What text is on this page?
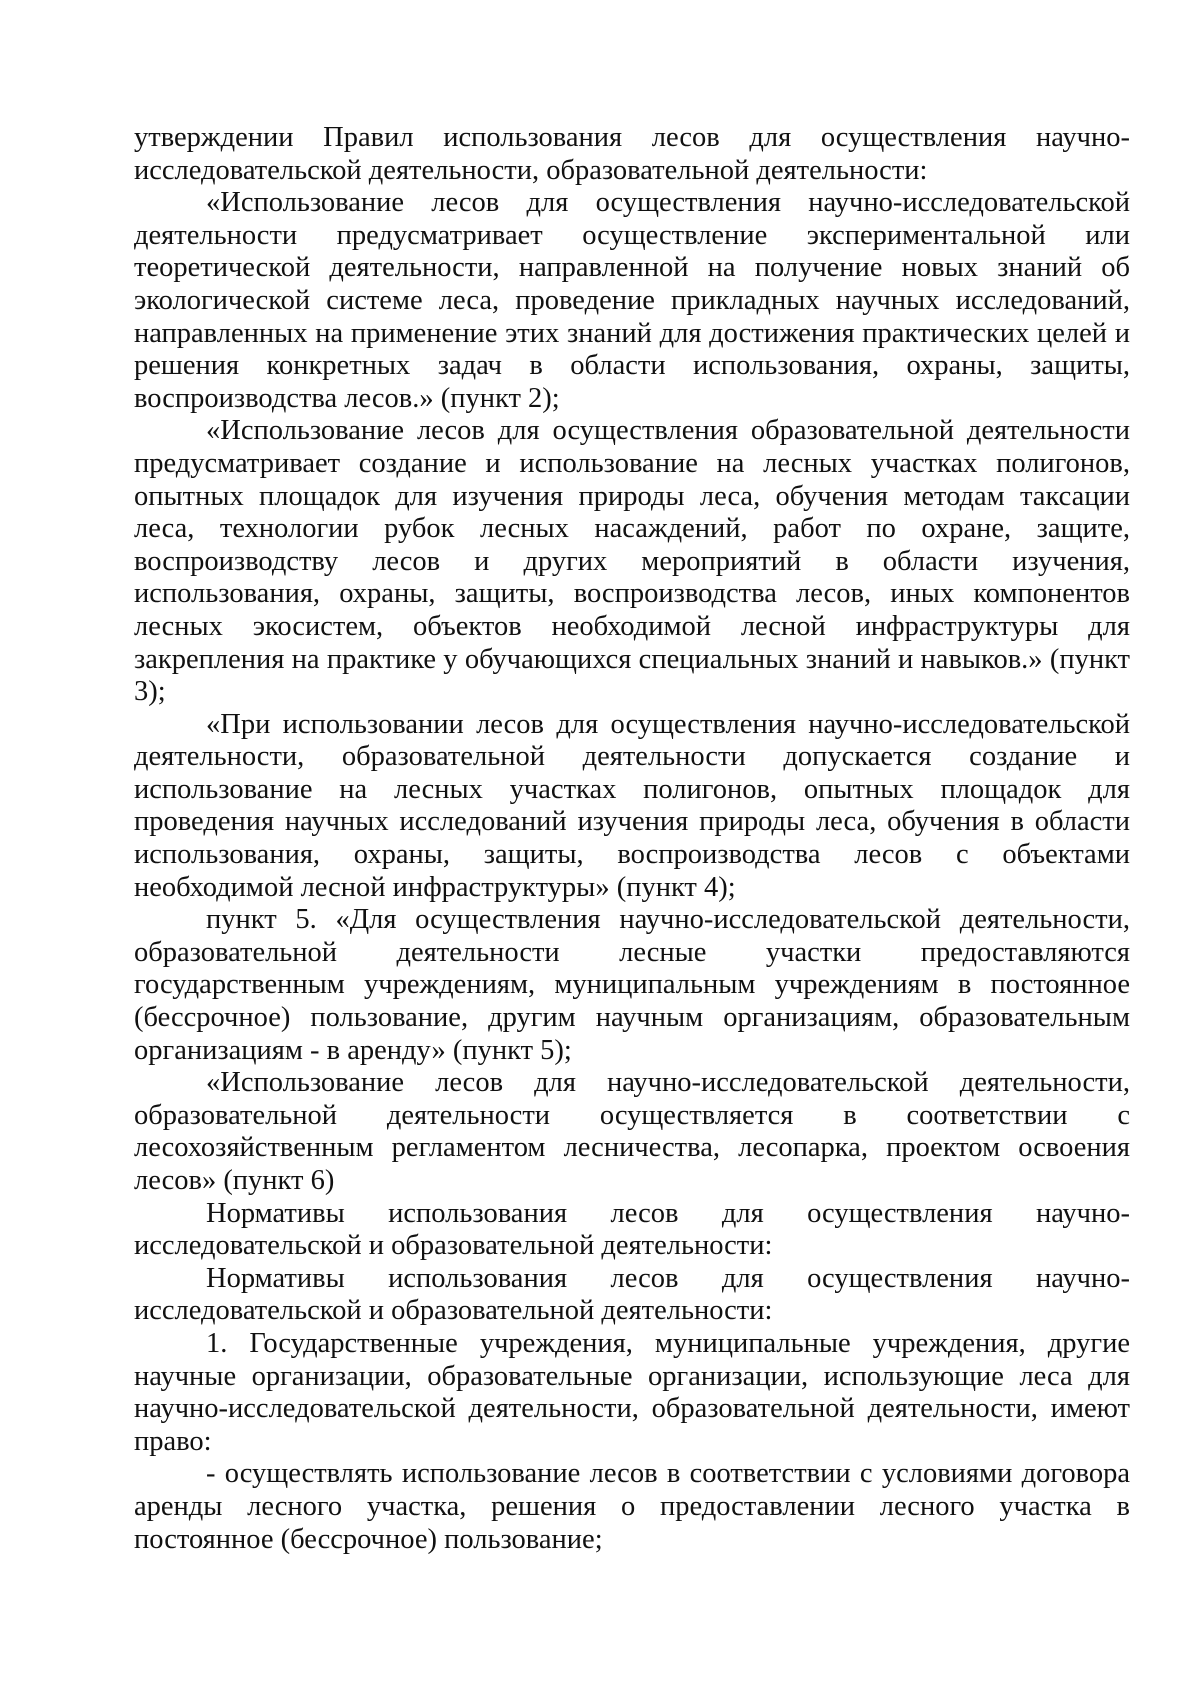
утверждении Правил использования лесов для осуществления научно-исследовательской деятельности, образовательной деятельности:

«Использование лесов для осуществления научно-исследовательской деятельности предусматривает осуществление экспериментальной или теоретической деятельности, направленной на получение новых знаний об экологической системе леса, проведение прикладных научных исследований, направленных на применение этих знаний для достижения практических целей и решения конкретных задач в области использования, охраны, защиты, воспроизводства лесов.» (пункт 2);

«Использование лесов для осуществления образовательной деятельности предусматривает создание и использование на лесных участках полигонов, опытных площадок для изучения природы леса, обучения методам таксации леса, технологии рубок лесных насаждений, работ по охране, защите, воспроизводству лесов и других мероприятий в области изучения, использования, охраны, защиты, воспроизводства лесов, иных компонентов лесных экосистем, объектов необходимой лесной инфраструктуры для закрепления на практике у обучающихся специальных знаний и навыков.» (пункт 3);

«При использовании лесов для осуществления научно-исследовательской деятельности, образовательной деятельности допускается создание и использование на лесных участках полигонов, опытных площадок для проведения научных исследований изучения природы леса, обучения в области использования, охраны, защиты, воспроизводства лесов с объектами необходимой лесной инфраструктуры» (пункт 4);

пункт 5. «Для осуществления научно-исследовательской деятельности, образовательной деятельности лесные участки предоставляются государственным учреждениям, муниципальным учреждениям в постоянное (бессрочное) пользование, другим научным организациям, образовательным организациям - в аренду» (пункт 5);

«Использование лесов для научно-исследовательской деятельности, образовательной деятельности осуществляется в соответствии с лесохозяйственным регламентом лесничества, лесопарка, проектом освоения лесов» (пункт 6)

Нормативы использования лесов для осуществления научно-исследовательской и образовательной деятельности:

Нормативы использования лесов для осуществления научно-исследовательской и образовательной деятельности:

1. Государственные учреждения, муниципальные учреждения, другие научные организации, образовательные организации, использующие леса для научно-исследовательской деятельности, образовательной деятельности, имеют право:

- осуществлять использование лесов в соответствии с условиями договора аренды лесного участка, решения о предоставлении лесного участка в постоянное (бессрочное) пользование;
